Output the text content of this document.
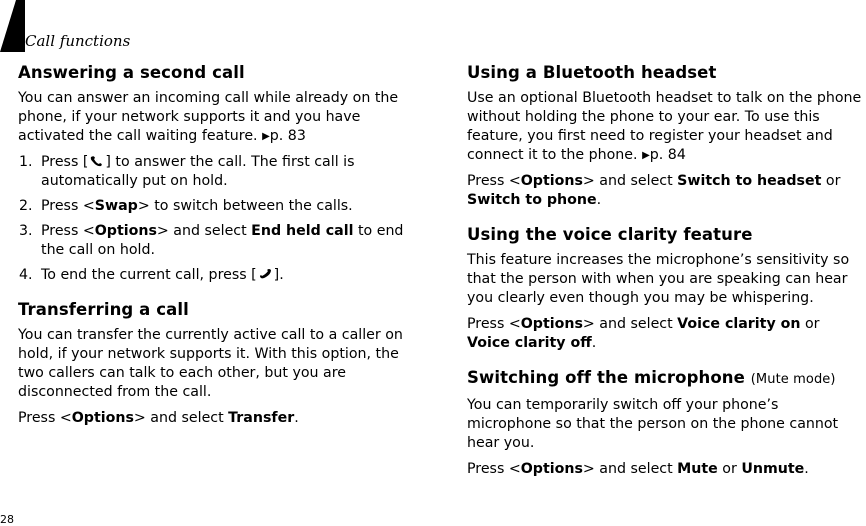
Call functions
Answering a second call

You can answer an incoming call while already on the phone, if your network supports it and you have activated the call waiting feature. ▶p. 83

1. Press [ ] to answer the call. The first call is automatically put on hold.
2. Press <Swap> to switch between the calls.
3. Press <Options> and select End held call to end the call on hold.
4. To end the current call, press [ ].
Transferring a call

You can transfer the currently active call to a caller on hold, if your network supports it. With this option, the two callers can talk to each other, but you are disconnected from the call.

Press <Options> and select Transfer.

Using a Bluetooth headset

Use an optional Bluetooth headset to talk on the phone without holding the phone to your ear. To use this feature, you first need to register your headset and connect it to the phone. ▶p. 84

Press <Options> and select Switch to headset or Switch to phone.

Using the voice clarity feature

This feature increases the microphone’s sensitivity so that the person with when you are speaking can hear you clearly even though you may be whispering.

Press <Options> and select Voice clarity on or Voice clarity off.

Switching off the microphone (Mute mode)

You can temporarily switch off your phone’s microphone so that the person on the phone cannot hear you.

Press <Options> and select Mute or Unmute.

28
